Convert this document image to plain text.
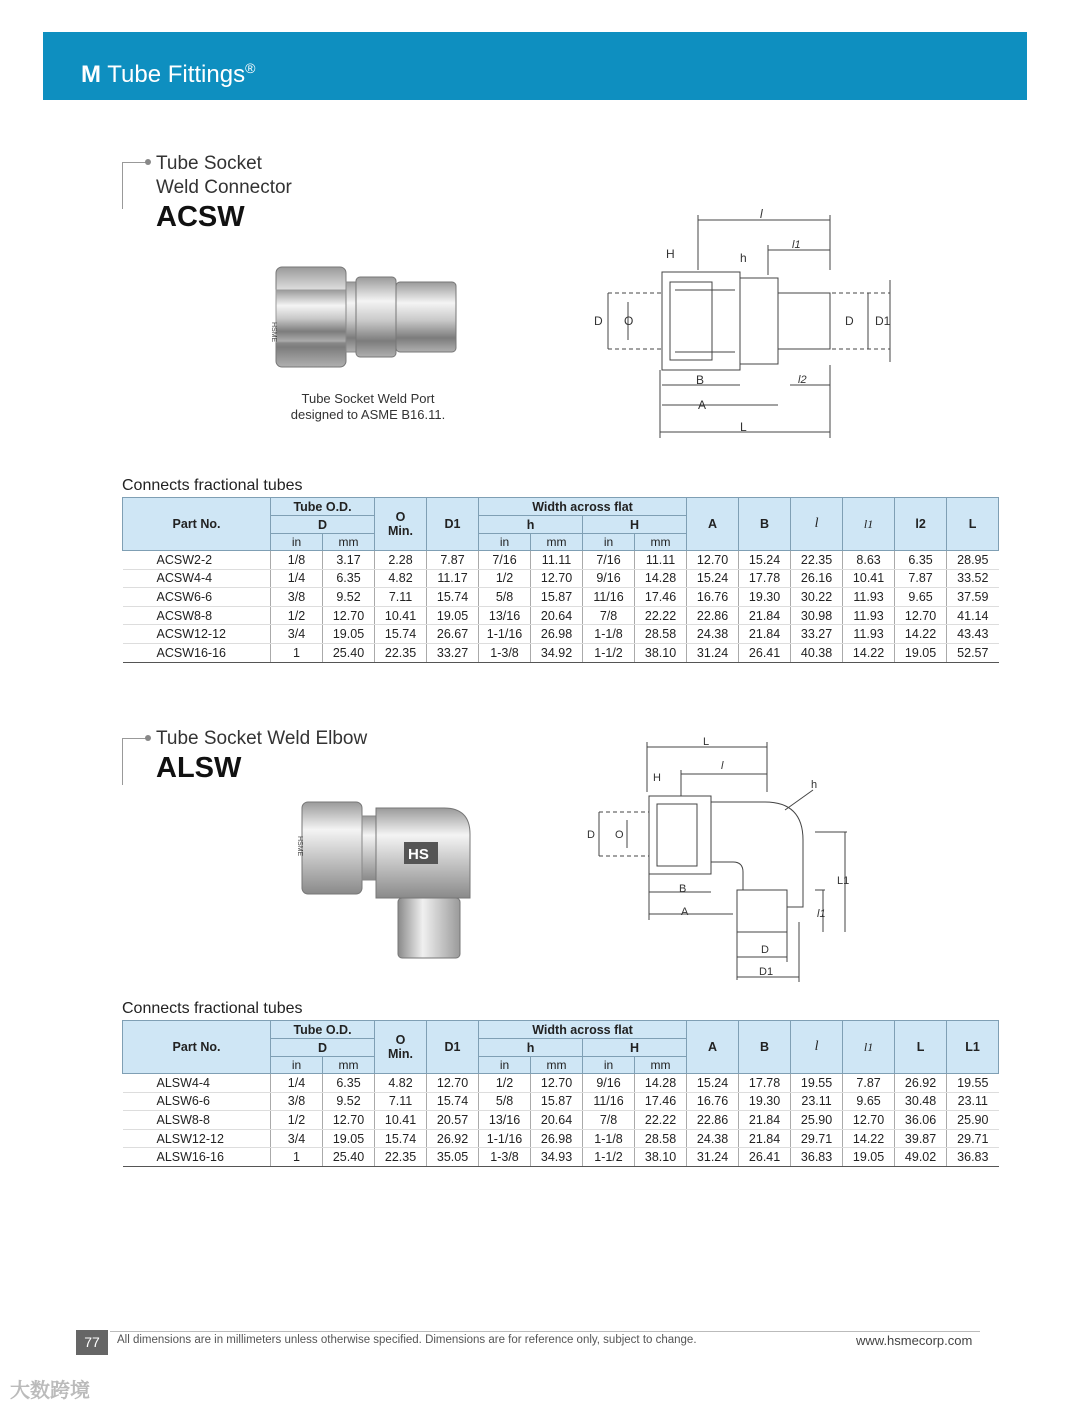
M Tube Fittings®
Tube Socket
Weld Connector
ACSW
HSME
Tube Socket Weld Port
designed to ASME B16.11.
l
l1
H	h
D O	D D1
B	l2
A
L
Connects fractional tubes
Part No.	Tube O.D.		O
Min.	D1	Width across flat				A	B	l	l1	l2	L
	D				h		H							
	in	mm			in	mm	in	mm						
ACSW2-2	1/8	3.17	2.28	7.87	7/16	11.11	7/16	11.11	12.70	15.24	22.35	8.63	6.35	28.95
ACSW4-4	1/4	6.35	4.82	11.17	1/2	12.70	9/16	14.28	15.24	17.78	26.16	10.41	7.87	33.52
ACSW6-6	3/8	9.52	7.11	15.74	5/8	15.87	11/16	17.46	16.76	19.30	30.22	11.93	9.65	37.59
ACSW8-8	1/2	12.70	10.41	19.05	13/16	20.64	7/8	22.22	22.86	21.84	30.98	11.93	12.70	41.14
ACSW12-12	3/4	19.05	15.74	26.67	1-1/16	26.98	1-1/8	28.58	24.38	21.84	33.27	11.93	14.22	43.43
ACSW16-16	1	25.40	22.35	33.27	1-3/8	34.92	1-1/2	38.10	31.24	26.41	40.38	14.22	19.05	52.57
Tube Socket Weld Elbow
ALSW
HS
HSME
L
l
H
h
D O
B
A
L1
l1
D
D1
Connects fractional tubes
Part No.	Tube O.D.		O
Min.	D1	Width across flat				A	B	l	l1	L	L1
	D				h		H							
	in	mm			in	mm	in	mm						
ALSW4-4	1/4	6.35	4.82	12.70	1/2	12.70	9/16	14.28	15.24	17.78	19.55	7.87	26.92	19.55
ALSW6-6	3/8	9.52	7.11	15.74	5/8	15.87	11/16	17.46	16.76	19.30	23.11	9.65	30.48	23.11
ALSW8-8	1/2	12.70	10.41	20.57	13/16	20.64	7/8	22.22	22.86	21.84	25.90	12.70	36.06	25.90
ALSW12-12	3/4	19.05	15.74	26.92	1-1/16	26.98	1-1/8	28.58	24.38	21.84	29.71	14.22	39.87	29.71
ALSW16-16	1	25.40	22.35	35.05	1-3/8	34.93	1-1/2	38.10	31.24	26.41	36.83	19.05	49.02	36.83
77	All dimensions are in millimeters unless otherwise specified. Dimensions are for reference only, subject to change.	www.hsmecorp.com
大数跨境
